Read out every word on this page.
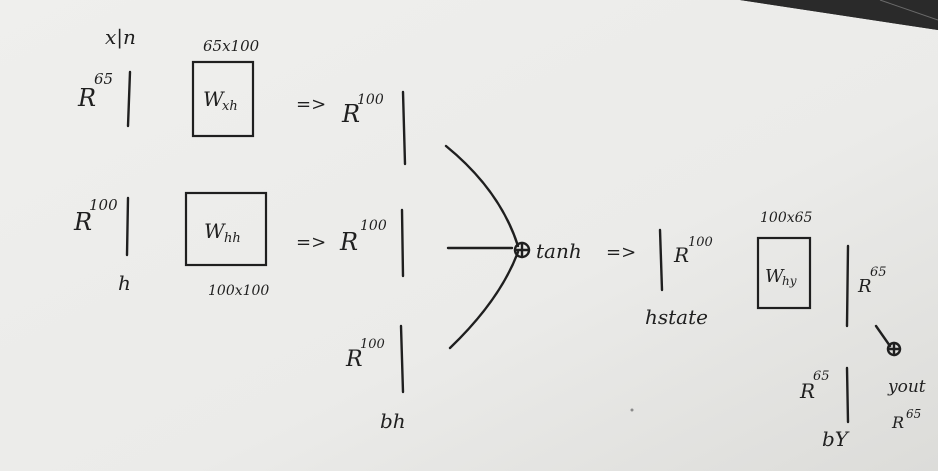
x|n
R
65
R
100
h
65x100
W
xh
W hh
100x100
=> R
100
=> R
100
R
100
bh
tanh => R
100
hstate
100x65
W
hy	R
65
R
65
bY
yout
R 65
